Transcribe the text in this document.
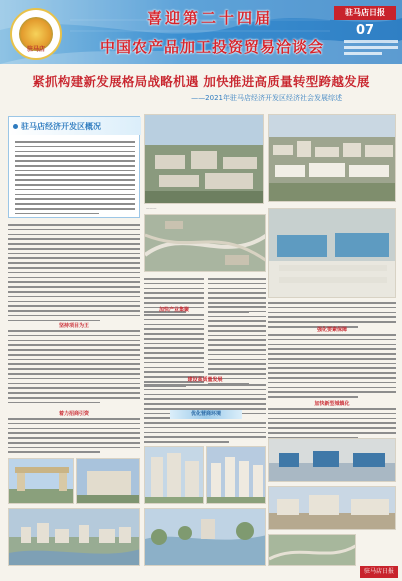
驻马店
喜迎第二十四届
中国农产品加工投资贸易洽谈会
驻马店日报
07
紧抓构建新发展格局战略机遇 加快推进高质量转型跨越发展
——2021年驻马店经济开发区经济社会发展综述
驻马店经济开发区概况
———
坚持项目为王
着力招商引资
加快产业集聚
建设高质量发展
优化营商环境
强化要素保障
加快新型城镇化
驻马店日报
